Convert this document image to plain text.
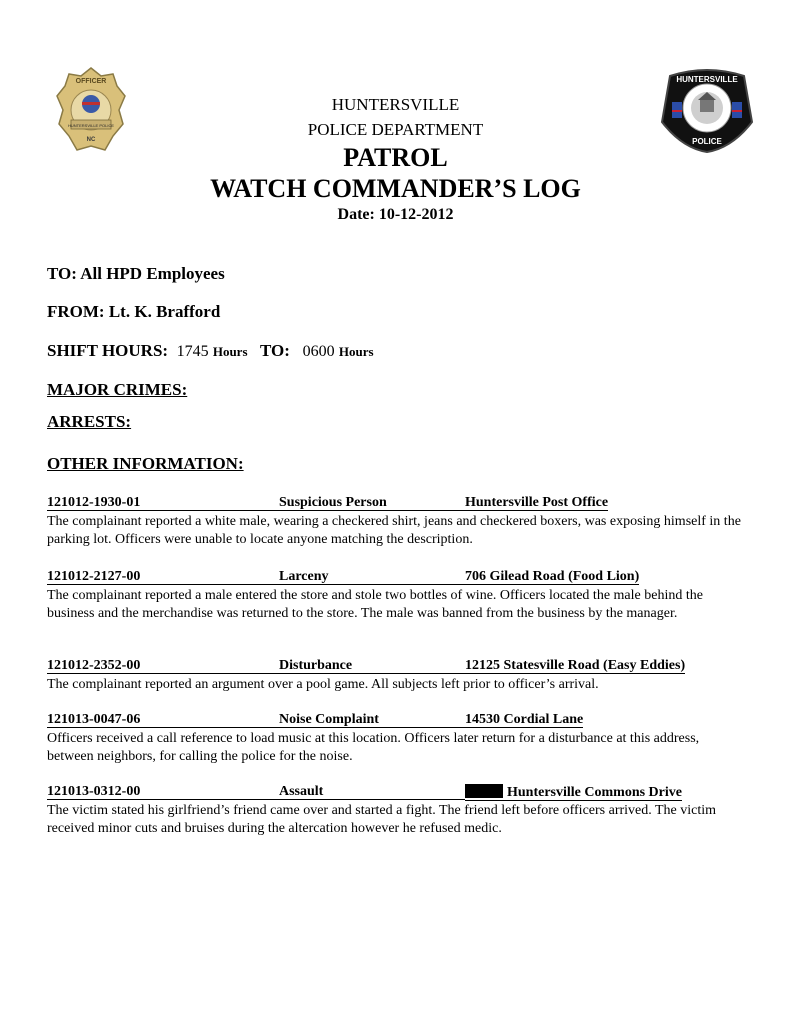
OFFICER
HUNTERSVILLE POLICE
NC
HUNTERSVILLE
POLICE
HUNTERSVILLE
POLICE DEPARTMENT
PATROL
WATCH COMMANDER’S LOG
Date: 10-12-2012
TO: All HPD Employees
FROM: Lt. K. Brafford
SHIFT HOURS: 1745 Hours TO: 0600 Hours
MAJOR CRIMES:
ARRESTS:
OTHER INFORMATION:
121012-1930-01	Suspicious Person	Huntersville Post Office
The complainant reported a white male, wearing a checkered shirt, jeans and checkered boxers, was exposing himself in the parking lot. Officers were unable to locate anyone matching the description.
121012-2127-00	Larceny	706 Gilead Road (Food Lion)
The complainant reported a male entered the store and stole two bottles of wine. Officers located the male behind the business and the merchandise was returned to the store. The male was banned from the business by the manager.
121012-2352-00	Disturbance	12125 Statesville Road (Easy Eddies)
The complainant reported an argument over a pool game. All subjects left prior to officer’s arrival.
121013-0047-06	Noise Complaint	14530 Cordial Lane
Officers received a call reference to load music at this location. Officers later return for a disturbance at this address, between neighbors, for calling the police for the noise.
121013-0312-00	Assault	Huntersville Commons Drive
The victim stated his girlfriend’s friend came over and started a fight. The friend left before officers arrived. The victim received minor cuts and bruises during the altercation however he refused medic.
